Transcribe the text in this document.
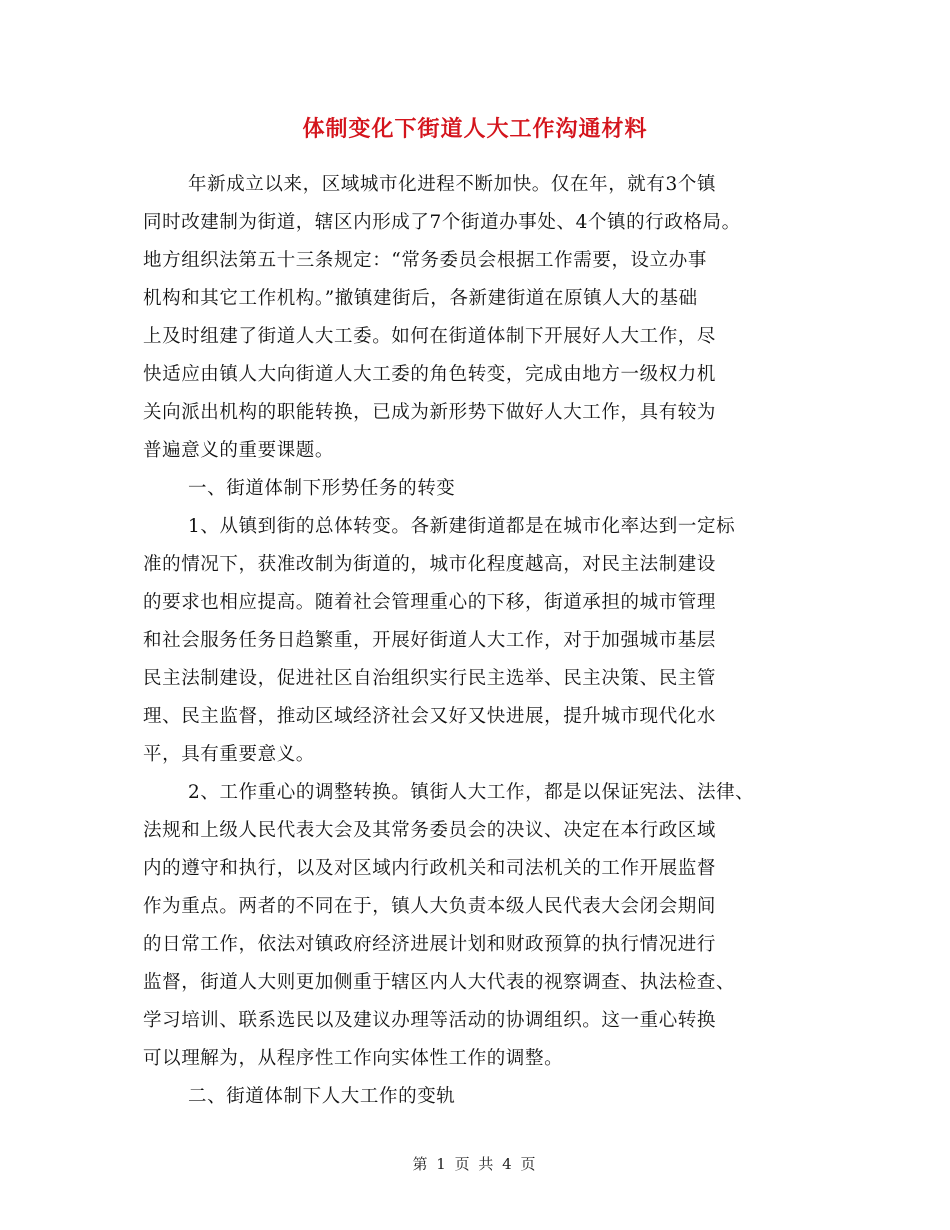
体制变化下街道人大工作沟通材料
年新成立以来，区域城市化进程不断加快。仅在年，就有3个镇
同时改建制为街道，辖区内形成了7个街道办事处、4个镇的行政格局。
地方组织法第五十三条规定：“常务委员会根据工作需要，设立办事
机构和其它工作机构。”撤镇建街后，各新建街道在原镇人大的基础
上及时组建了街道人大工委。如何在街道体制下开展好人大工作，尽
快适应由镇人大向街道人大工委的角色转变，完成由地方一级权力机
关向派出机构的职能转换，已成为新形势下做好人大工作，具有较为
普遍意义的重要课题。
一、街道体制下形势任务的转变
1、从镇到街的总体转变。各新建街道都是在城市化率达到一定标
准的情况下，获准改制为街道的，城市化程度越高，对民主法制建设
的要求也相应提高。随着社会管理重心的下移，街道承担的城市管理
和社会服务任务日趋繁重，开展好街道人大工作，对于加强城市基层
民主法制建设，促进社区自治组织实行民主选举、民主决策、民主管
理、民主监督，推动区域经济社会又好又快进展，提升城市现代化水
平，具有重要意义。
2、工作重心的调整转换。镇街人大工作，都是以保证宪法、法律、
法规和上级人民代表大会及其常务委员会的决议、决定在本行政区域
内的遵守和执行，以及对区域内行政机关和司法机关的工作开展监督
作为重点。两者的不同在于，镇人大负责本级人民代表大会闭会期间
的日常工作，依法对镇政府经济进展计划和财政预算的执行情况进行
监督，街道人大则更加侧重于辖区内人大代表的视察调查、执法检查、
学习培训、联系选民以及建议办理等活动的协调组织。这一重心转换
可以理解为，从程序性工作向实体性工作的调整。
二、街道体制下人大工作的变轨
第 1 页 共 4 页
